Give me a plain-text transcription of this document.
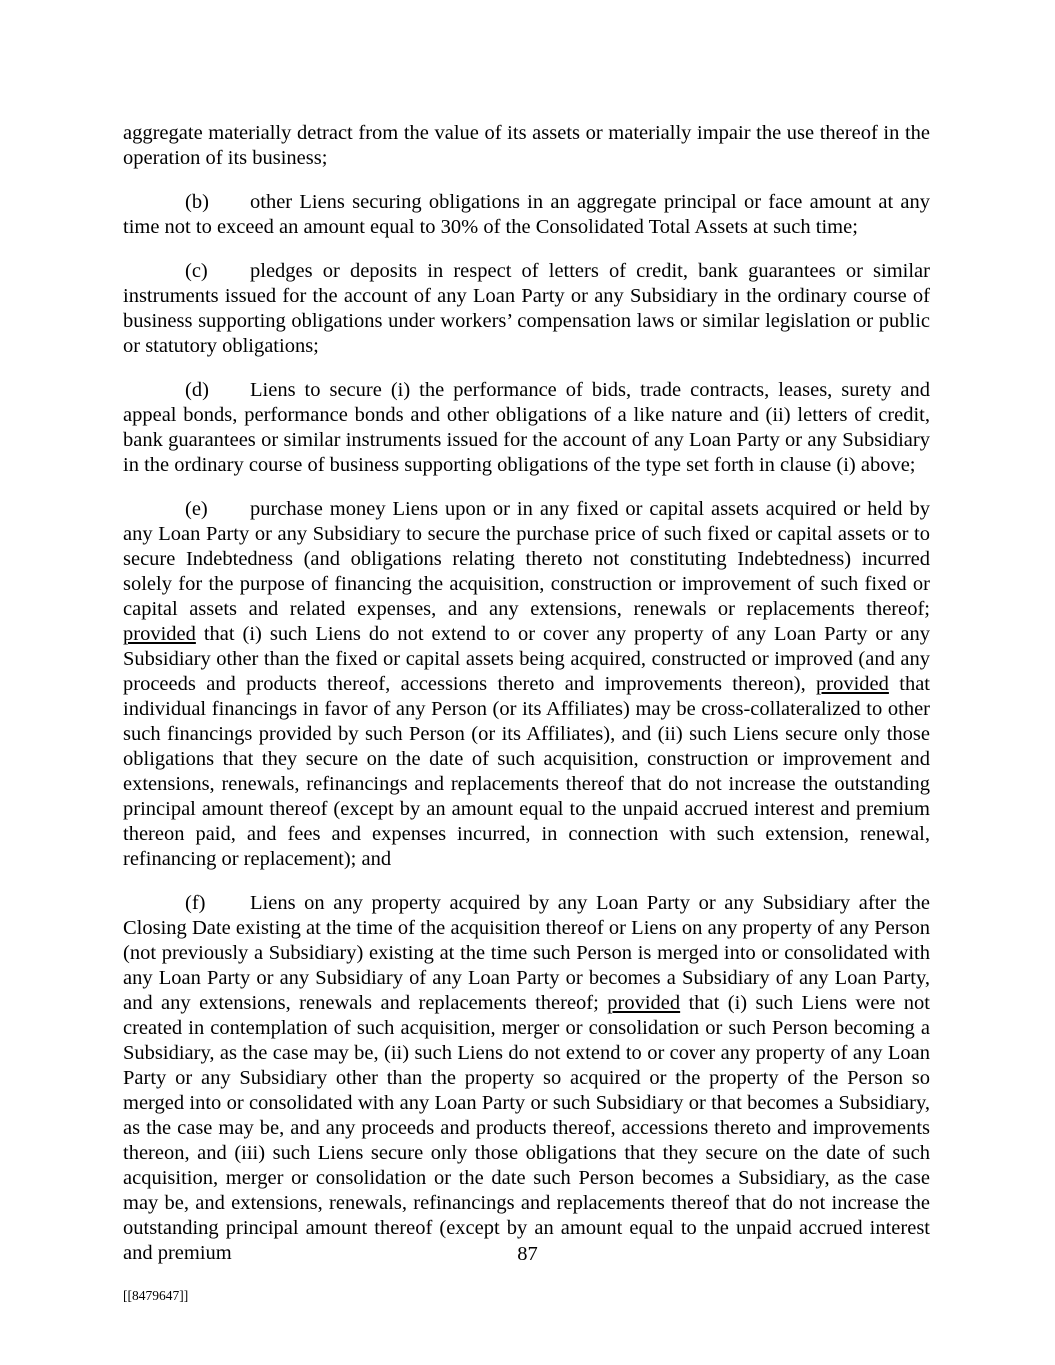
aggregate materially detract from the value of its assets or materially impair the use thereof in the operation of its business;

(b) other Liens securing obligations in an aggregate principal or face amount at any time not to exceed an amount equal to 30% of the Consolidated Total Assets at such time;

(c) pledges or deposits in respect of letters of credit, bank guarantees or similar instruments issued for the account of any Loan Party or any Subsidiary in the ordinary course of business supporting obligations under workers’ compensation laws or similar legislation or public or statutory obligations;

(d) Liens to secure (i) the performance of bids, trade contracts, leases, surety and appeal bonds, performance bonds and other obligations of a like nature and (ii) letters of credit, bank guarantees or similar instruments issued for the account of any Loan Party or any Subsidiary in the ordinary course of business supporting obligations of the type set forth in clause (i) above;

(e) purchase money Liens upon or in any fixed or capital assets acquired or held by any Loan Party or any Subsidiary to secure the purchase price of such fixed or capital assets or to secure Indebtedness (and obligations relating thereto not constituting Indebtedness) incurred solely for the purpose of financing the acquisition, construction or improvement of such fixed or capital assets and related expenses, and any extensions, renewals or replacements thereof; provided that (i) such Liens do not extend to or cover any property of any Loan Party or any Subsidiary other than the fixed or capital assets being acquired, constructed or improved (and any proceeds and products thereof, accessions thereto and improvements thereon), provided that individual financings in favor of any Person (or its Affiliates) may be cross-collateralized to other such financings provided by such Person (or its Affiliates), and (ii) such Liens secure only those obligations that they secure on the date of such acquisition, construction or improvement and extensions, renewals, refinancings and replacements thereof that do not increase the outstanding principal amount thereof (except by an amount equal to the unpaid accrued interest and premium thereon paid, and fees and expenses incurred, in connection with such extension, renewal, refinancing or replacement); and

(f) Liens on any property acquired by any Loan Party or any Subsidiary after the Closing Date existing at the time of the acquisition thereof or Liens on any property of any Person (not previously a Subsidiary) existing at the time such Person is merged into or consolidated with any Loan Party or any Subsidiary of any Loan Party or becomes a Subsidiary of any Loan Party, and any extensions, renewals and replacements thereof; provided that (i) such Liens were not created in contemplation of such acquisition, merger or consolidation or such Person becoming a Subsidiary, as the case may be, (ii) such Liens do not extend to or cover any property of any Loan Party or any Subsidiary other than the property so acquired or the property of the Person so merged into or consolidated with any Loan Party or such Subsidiary or that becomes a Subsidiary, as the case may be, and any proceeds and products thereof, accessions thereto and improvements thereon, and (iii) such Liens secure only those obligations that they secure on the date of such acquisition, merger or consolidation or the date such Person becomes a Subsidiary, as the case may be, and extensions, renewals, refinancings and replacements thereof that do not increase the outstanding principal amount thereof (except by an amount equal to the unpaid accrued interest and premium	87
[[8479647]]
